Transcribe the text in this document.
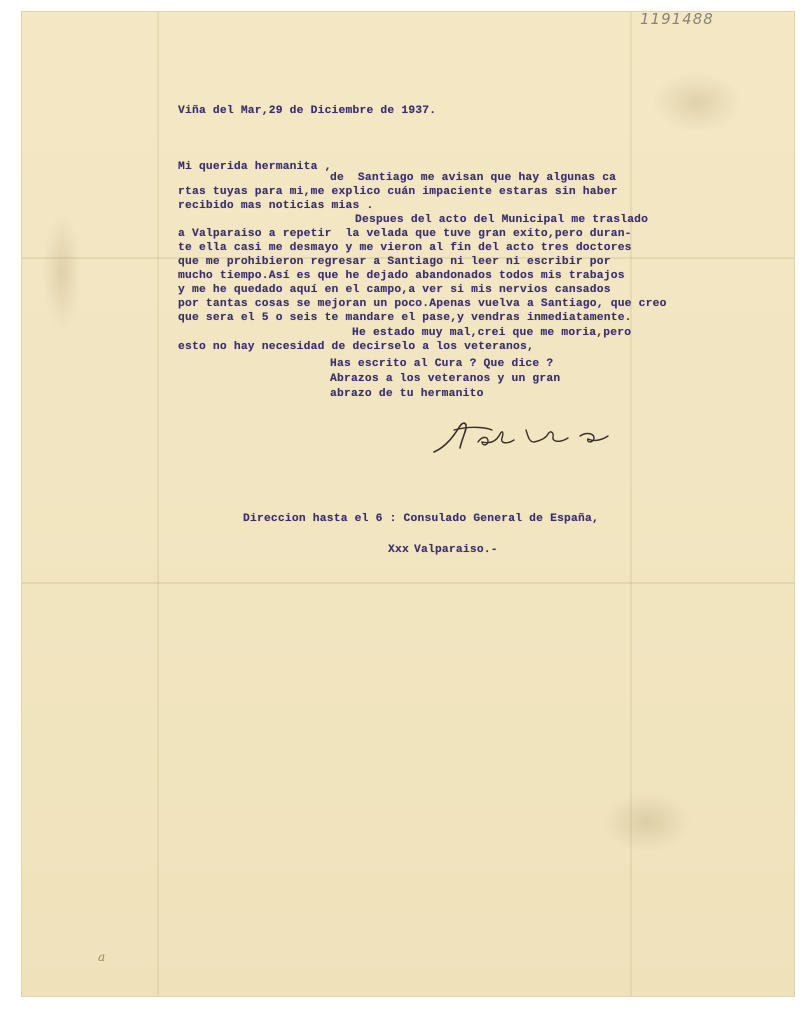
1191488
Viña del Mar,29 de Diciembre de 1937.
Mi querida hermanita ,
de  Santiago me avisan que hay algunas ca
rtas tuyas para mi,me explico cuán impaciente estaras sin haber
recibido mas noticias mias .
Despues del acto del Municipal me traslado
a Valparaiso a repetir  la velada que tuve gran exito,pero duran-
te ella casi me desmayo y me vieron al fin del acto tres doctores
que me prohibieron regresar a Santiago ni leer ni escribir por
mucho tiempo.Así es que he dejado abandonados todos mis trabajos
y me he quedado aquí en el campo,a ver si mis nervios cansados
por tantas cosas se mejoran un poco.Apenas vuelva a Santiago, que creo
que sera el 5 o seis te mandare el pase,y vendras inmediatamente.
He estado muy mal,crei que me moria,pero
esto no hay necesidad de decirselo a los veteranos,
Has escrito al Cura ? Que dice ?
Abrazos a los veteranos y un gran
abrazo de tu hermanito
Direccion hasta el 6 : Consulado General de España,
Xxx Valparaiso.-
a
